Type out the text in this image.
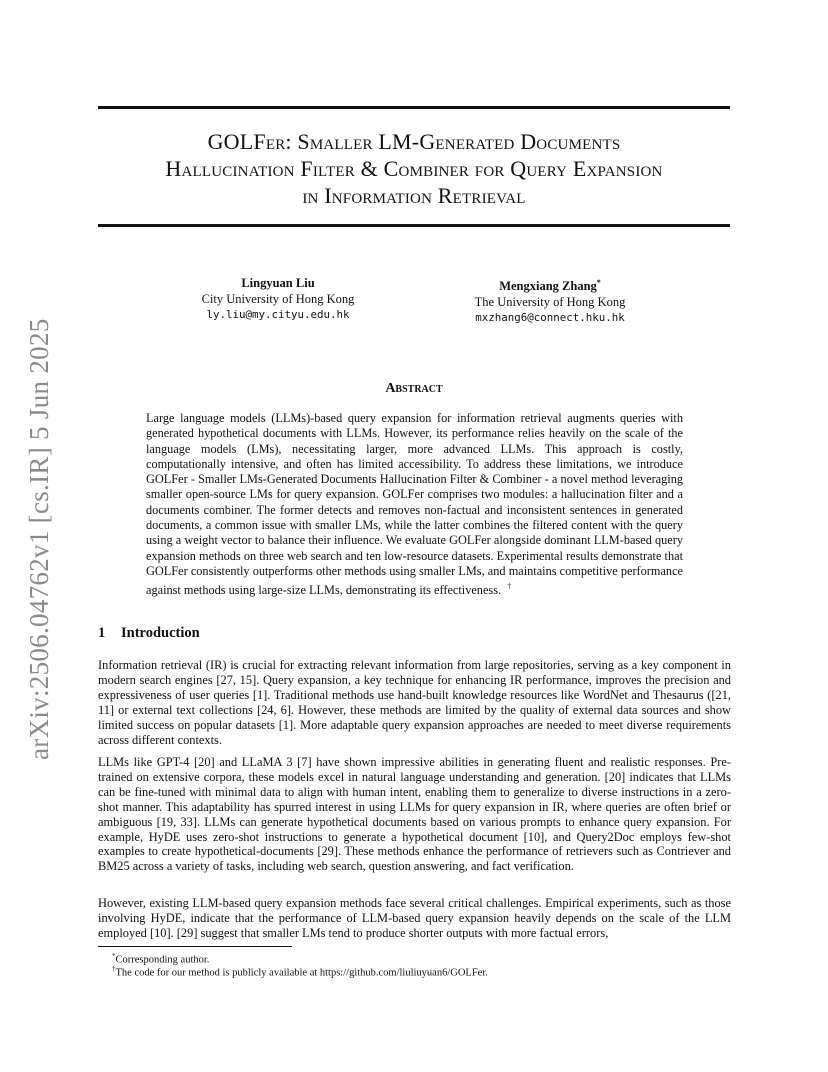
arXiv:2506.04762v1 [cs.IR] 5 Jun 2025
GOLFer: Smaller LM-Generated Documents
Hallucination Filter & Combiner for Query Expansion
in Information Retrieval
Lingyuan Liu
City University of Hong Kong
ly.liu@my.cityu.edu.hk
Mengxiang Zhang*
The University of Hong Kong
mxzhang6@connect.hku.hk
Abstract
Large language models (LLMs)-based query expansion for information retrieval augments queries with generated hypothetical documents with LLMs. However, its performance relies heavily on the scale of the language models (LMs), necessitating larger, more advanced LLMs. This approach is costly, computationally intensive, and often has limited accessibility. To address these limitations, we introduce GOLFer - Smaller LMs-Generated Documents Hallucination Filter & Combiner - a novel method leveraging smaller open-source LMs for query expansion. GOLFer comprises two modules: a hallucination filter and a documents combiner. The former detects and removes non-factual and inconsistent sentences in generated documents, a common issue with smaller LMs, while the latter combines the filtered content with the query using a weight vector to balance their influence. We evaluate GOLFer alongside dominant LLM-based query expansion methods on three web search and ten low-resource datasets. Experimental results demonstrate that GOLFer consistently outperforms other methods using smaller LMs, and maintains competitive performance against methods using large-size LLMs, demonstrating its effectiveness. †
1 Introduction
Information retrieval (IR) is crucial for extracting relevant information from large repositories, serving as a key component in modern search engines [27, 15]. Query expansion, a key technique for enhancing IR performance, improves the precision and expressiveness of user queries [1]. Traditional methods use hand-built knowledge resources like WordNet and Thesaurus ([21, 11] or external text collections [24, 6]. However, these methods are limited by the quality of external data sources and show limited success on popular datasets [1]. More adaptable query expansion approaches are needed to meet diverse requirements across different contexts.
LLMs like GPT-4 [20] and LLaMA 3 [7] have shown impressive abilities in generating fluent and realistic responses. Pre-trained on extensive corpora, these models excel in natural language understanding and generation. [20] indicates that LLMs can be fine-tuned with minimal data to align with human intent, enabling them to generalize to diverse instructions in a zero-shot manner. This adaptability has spurred interest in using LLMs for query expansion in IR, where queries are often brief or ambiguous [19, 33]. LLMs can generate hypothetical documents based on various prompts to enhance query expansion. For example, HyDE uses zero-shot instructions to generate a hypothetical document [10], and Query2Doc employs few-shot examples to create hypothetical-documents [29]. These methods enhance the performance of retrievers such as Contriever and BM25 across a variety of tasks, including web search, question answering, and fact verification.
However, existing LLM-based query expansion methods face several critical challenges. Empirical experiments, such as those involving HyDE, indicate that the performance of LLM-based query expansion heavily depends on the scale of the LLM employed [10]. [29] suggest that smaller LMs tend to produce shorter outputs with more factual errors,
*Corresponding author.
†The code for our method is publicly available at https://github.com/liuliuyuan6/GOLFer.
